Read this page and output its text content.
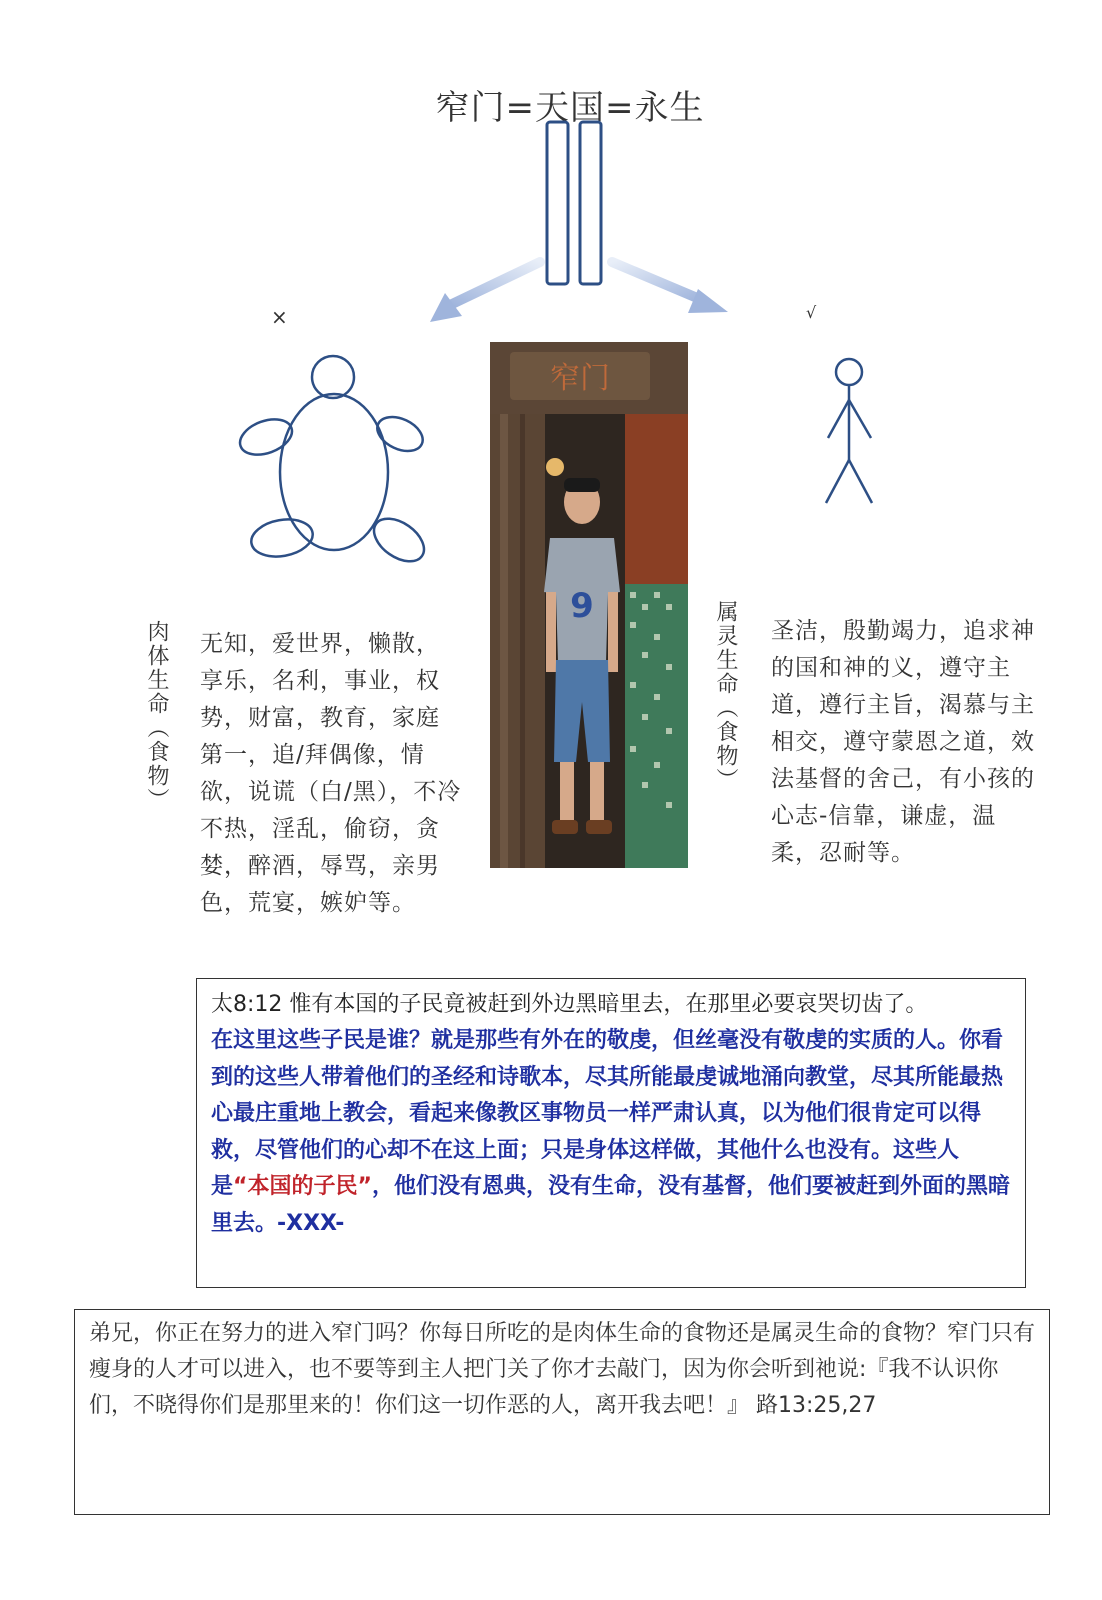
窄门=天国=永生
×	√
肉体生命（食物） 无知，爱世界，懒散，享乐，名利，事业，权势，财富，教育，家庭第一，追/拜偶像，情欲，说谎（白/黑），不冷不热，淫乱，偷窃，贪婪，醉酒，辱骂，亲男色，荒宴，嫉妒等。
窄门
9	属灵生命（食物） 圣洁，殷勤竭力，追求神的国和神的义，遵守主道，遵行主旨，渴慕与主相交，遵守蒙恩之道，效法基督的舍己，有小孩的心志-信靠，谦虚，温柔，忍耐等。
太8:12 惟有本国的子民竟被赶到外边黑暗里去，在那里必要哀哭切齿了。
在这里这些子民是谁？就是那些有外在的敬虔，但丝毫没有敬虔的实质的人。你看到的这些人带着他们的圣经和诗歌本，尽其所能最虔诚地涌向教堂，尽其所能最热心最庄重地上教会，看起来像教区事物员一样严肃认真，以为他们很肯定可以得救，尽管他们的心却不在这上面；只是身体这样做，其他什么也没有。这些人是“本国的子民”，他们没有恩典，没有生命，没有基督，他们要被赶到外面的黑暗里去。-XXX-
弟兄，你正在努力的进入窄门吗？你每日所吃的是肉体生命的食物还是属灵生命的食物？窄门只有瘦身的人才可以进入，也不要等到主人把门关了你才去敲门，因为你会听到祂说:『我不认识你们，不晓得你们是那里来的！你们这一切作恶的人，离开我去吧！』 路13:25,27
